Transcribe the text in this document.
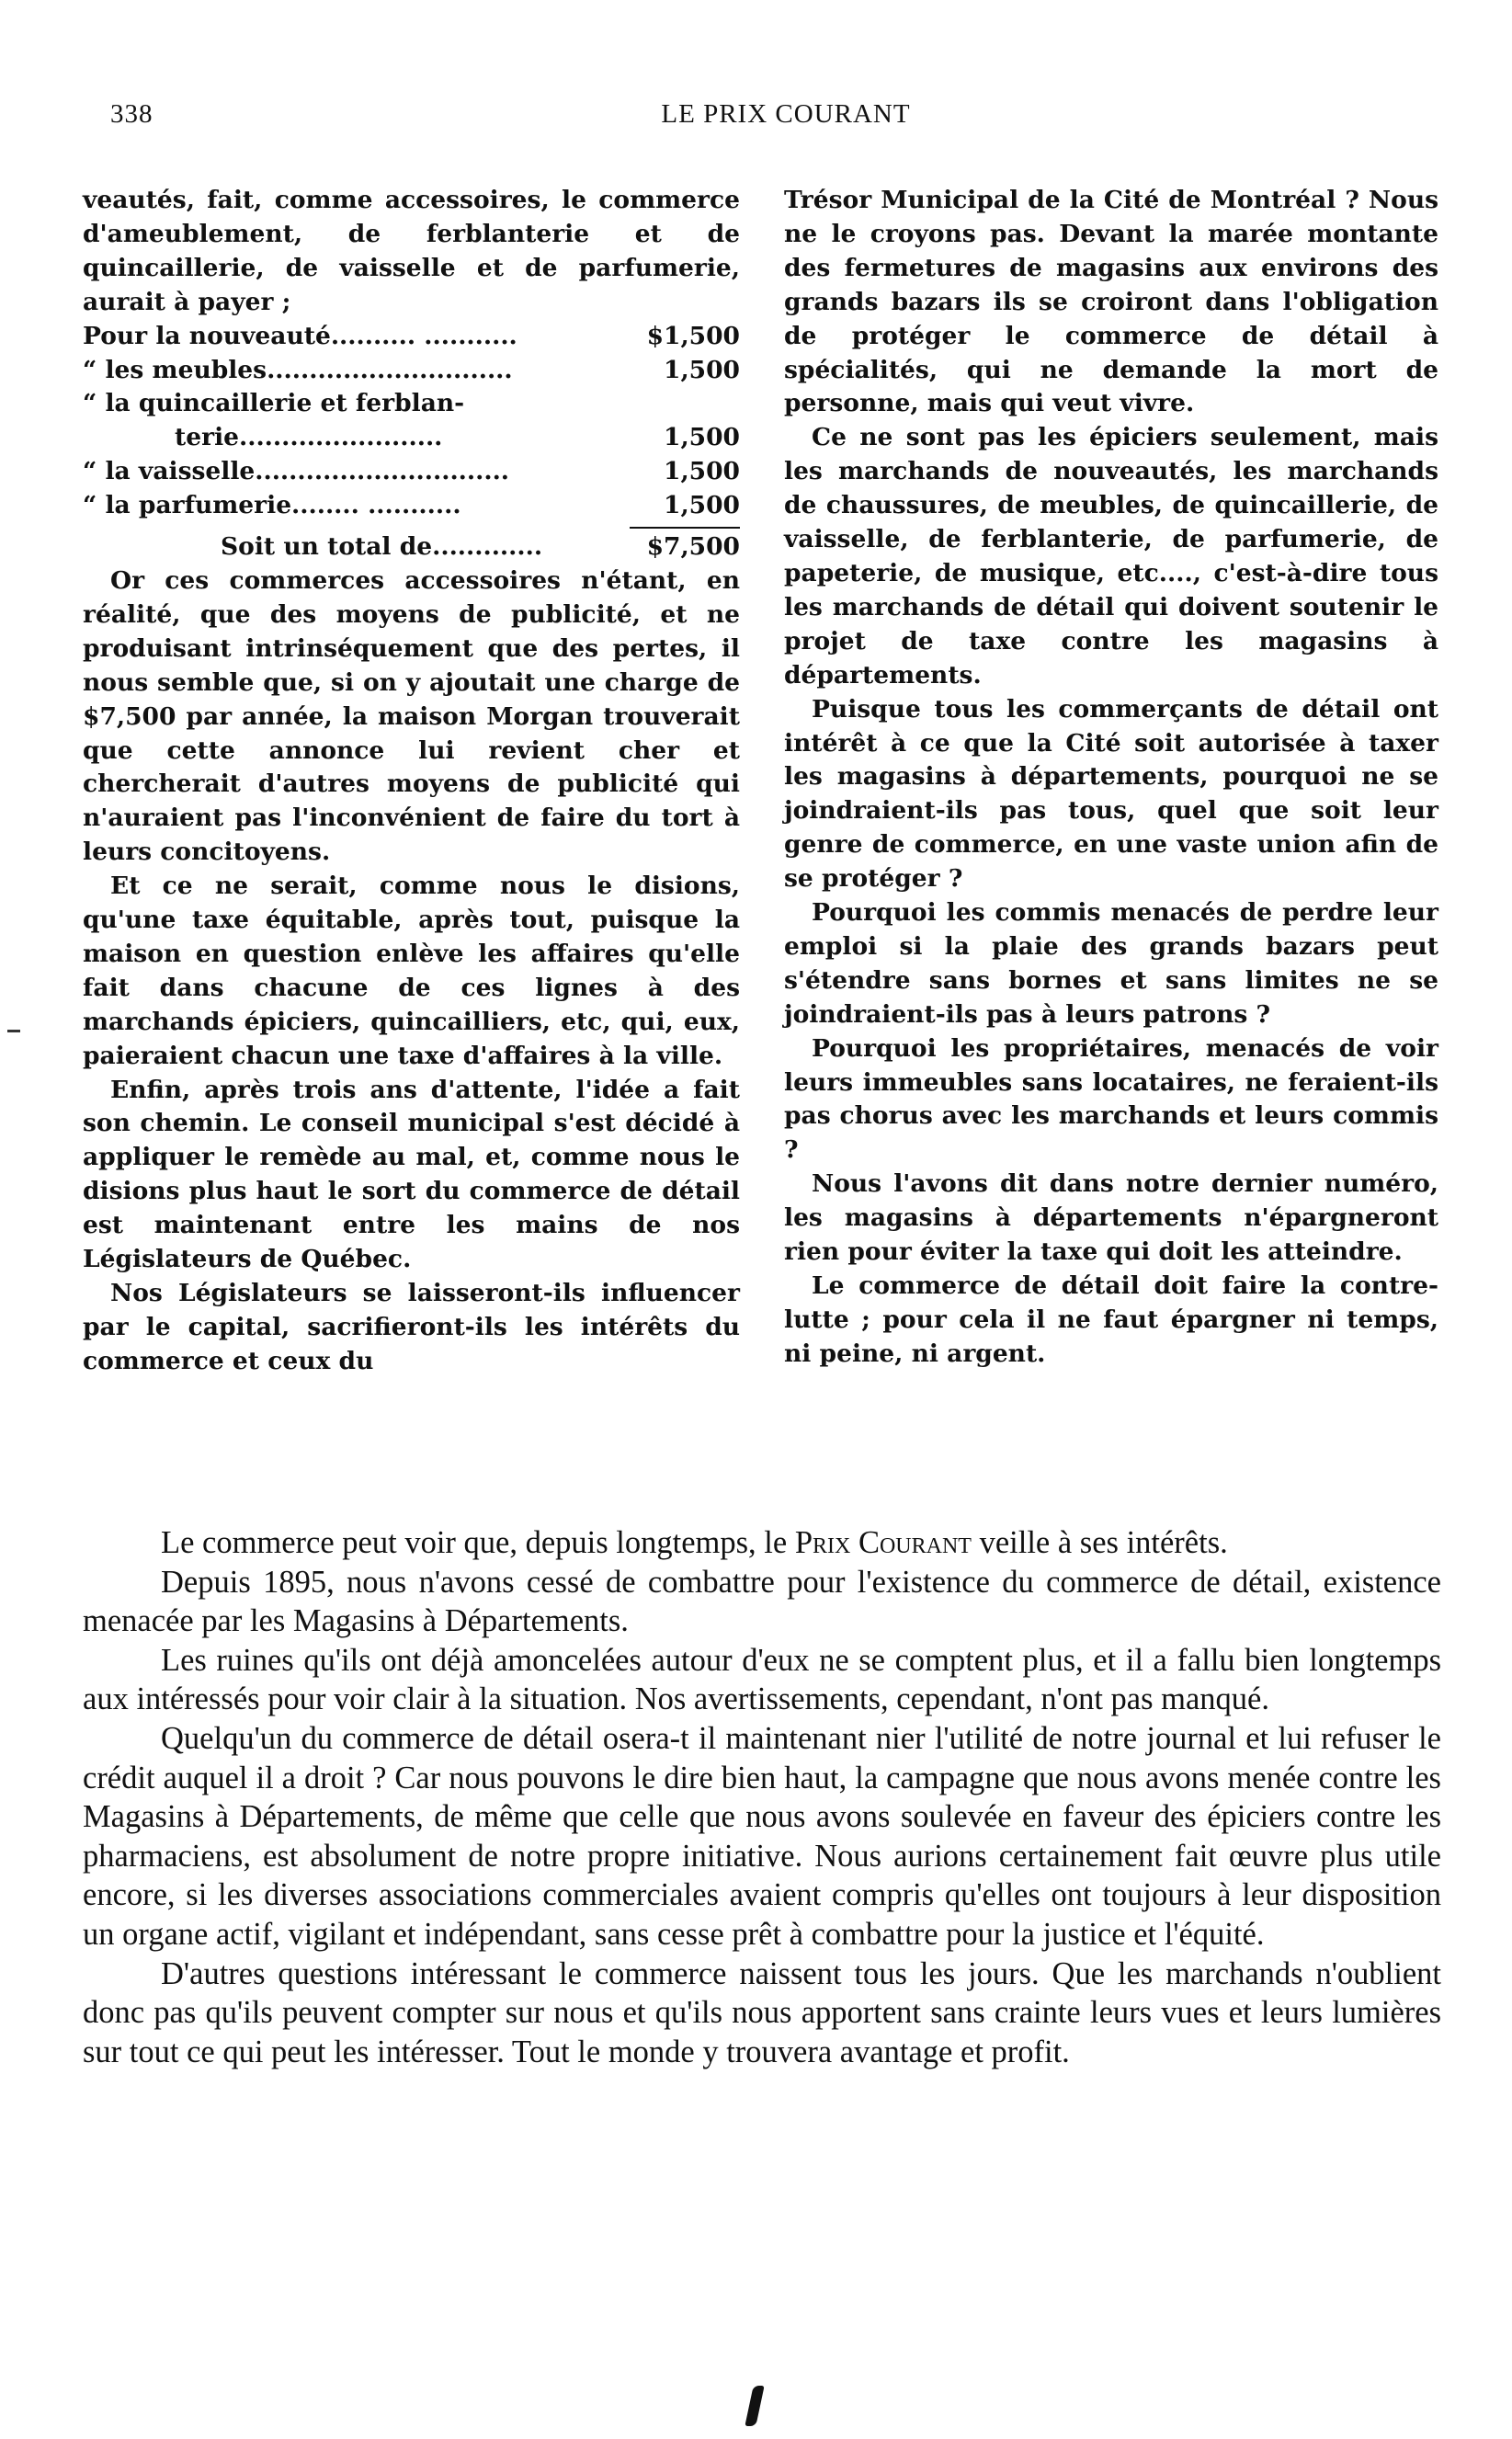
338	LE PRIX COURANT

veautés, fait, comme accessoires, le commerce d'ameublement, de ferblanterie et de quincaillerie, de vaisselle et de parfumerie, aurait à payer ;

Pour la nouveauté.......... ...........	$1,500
“ les meubles.............................	1,500
“ la quincaillerie et ferblan-
terie........................	1,500
“ la vaisselle..............................	1,500
“ la parfumerie........ ...........	1,500
Soit un total de.............	$7,500

Or ces commerces accessoires n'étant, en réalité, que des moyens de publicité, et ne produisant intrinséquement que des pertes, il nous semble que, si on y ajoutait une charge de $7,500 par année, la maison Morgan trouverait que cette annonce lui revient cher et chercherait d'autres moyens de publicité qui n'auraient pas l'inconvénient de faire du tort à leurs concitoyens.

Et ce ne serait, comme nous le disions, qu'une taxe équitable, après tout, puisque la maison en question enlève les affaires qu'elle fait dans chacune de ces lignes à des marchands épiciers, quincailliers, etc, qui, eux, paieraient chacun une taxe d'affaires à la ville.

Enfin, après trois ans d'attente, l'idée a fait son chemin. Le conseil municipal s'est décidé à appliquer le remède au mal, et, comme nous le disions plus haut le sort du commerce de détail est maintenant entre les mains de nos Législateurs de Québec.

Nos Législateurs se laisseront-ils influencer par le capital, sacrifieront-ils les intérêts du commerce et ceux du

Trésor Municipal de la Cité de Montréal ? Nous ne le croyons pas. Devant la marée montante des fermetures de magasins aux environs des grands bazars ils se croiront dans l'obligation de protéger le commerce de détail à spécialités, qui ne demande la mort de personne, mais qui veut vivre.

Ce ne sont pas les épiciers seulement, mais les marchands de nouveautés, les marchands de chaussures, de meubles, de quincaillerie, de vaisselle, de ferblanterie, de parfumerie, de papeterie, de musique, etc...., c'est-à-dire tous les marchands de détail qui doivent soutenir le projet de taxe contre les magasins à départements.

Puisque tous les commerçants de détail ont intérêt à ce que la Cité soit autorisée à taxer les magasins à départements, pourquoi ne se joindraient-ils pas tous, quel que soit leur genre de commerce, en une vaste union afin de se protéger ?

Pourquoi les commis menacés de perdre leur emploi si la plaie des grands bazars peut s'étendre sans bornes et sans limites ne se joindraient-ils pas à leurs patrons ?

Pourquoi les propriétaires, menacés de voir leurs immeubles sans locataires, ne feraient-ils pas chorus avec les marchands et leurs commis ?

Nous l'avons dit dans notre dernier numéro, les magasins à départements n'épargneront rien pour éviter la taxe qui doit les atteindre.

Le commerce de détail doit faire la contre-lutte ; pour cela il ne faut épargner ni temps, ni peine, ni argent.

Le commerce peut voir que, depuis longtemps, le Prix Courant veille à ses intérêts.

Depuis 1895, nous n'avons cessé de combattre pour l'existence du commerce de détail, existence menacée par les Magasins à Départements.

Les ruines qu'ils ont déjà amoncelées autour d'eux ne se comptent plus, et il a fallu bien longtemps aux intéressés pour voir clair à la situation. Nos avertissements, cependant, n'ont pas manqué.

Quelqu'un du commerce de détail osera-t il maintenant nier l'utilité de notre journal et lui refuser le crédit auquel il a droit ? Car nous pouvons le dire bien haut, la campagne que nous avons menée contre les Magasins à Départements, de même que celle que nous avons soulevée en faveur des épiciers contre les pharmaciens, est absolument de notre propre initiative. Nous aurions certainement fait œuvre plus utile encore, si les diverses associations commerciales avaient compris qu'elles ont toujours à leur disposition un organe actif, vigilant et indépendant, sans cesse prêt à combattre pour la justice et l'équité.

D'autres questions intéressant le commerce naissent tous les jours. Que les marchands n'oublient donc pas qu'ils peuvent compter sur nous et qu'ils nous apportent sans crainte leurs vues et leurs lumières sur tout ce qui peut les intéresser. Tout le monde y trouvera avantage et profit.
